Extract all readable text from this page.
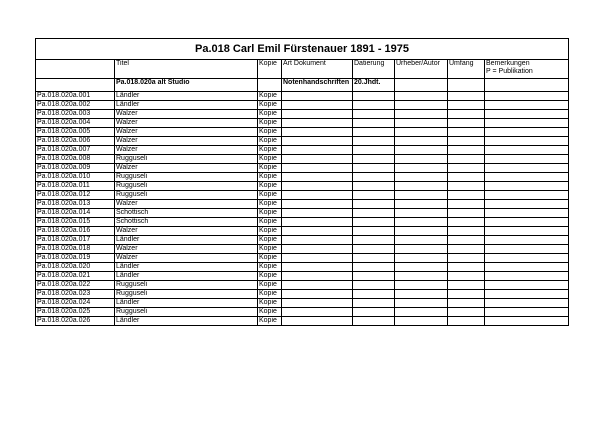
Pa.018 Carl Emil Fürstenauer 1891 - 1975							
	Titel	Kopie	Art Dokument	Datierung	Urheber/Autor	Umfang	Bemerkungen
P = Publikation

	Pa.018.020a alt Studio		Notenhandschriften	20.Jhdt.			
Pa.018.020a.001	Ländler	Kopie					
Pa.018.020a.002	Ländler	Kopie					
Pa.018.020a.003	Walzer	Kopie					
Pa.018.020a.004	Walzer	Kopie					
Pa.018.020a.005	Walzer	Kopie					
Pa.018.020a.006	Walzer	Kopie					
Pa.018.020a.007	Walzer	Kopie					
Pa.018.020a.008	Rugguseli	Kopie					
Pa.018.020a.009	Walzer	Kopie					
Pa.018.020a.010	Rugguseli	Kopie					
Pa.018.020a.011	Rugguseli	Kopie					
Pa.018.020a.012	Rugguseli	Kopie					
Pa.018.020a.013	Walzer	Kopie					
Pa.018.020a.014	Schottisch	Kopie					
Pa.018.020a.015	Schottisch	Kopie					
Pa.018.020a.016	Walzer	Kopie					
Pa.018.020a.017	Ländler	Kopie					
Pa.018.020a.018	Walzer	Kopie					
Pa.018.020a.019	Walzer	Kopie					
Pa.018.020a.020	Ländler	Kopie					
Pa.018.020a.021	Ländler	Kopie					
Pa.018.020a.022	Rugguseli	Kopie					
Pa.018.020a.023	Rugguseli	Kopie					
Pa.018.020a.024	Ländler	Kopie					
Pa.018.020a.025	Rugguseli	Kopie					
Pa.018.020a.026	Ländler	Kopie					
